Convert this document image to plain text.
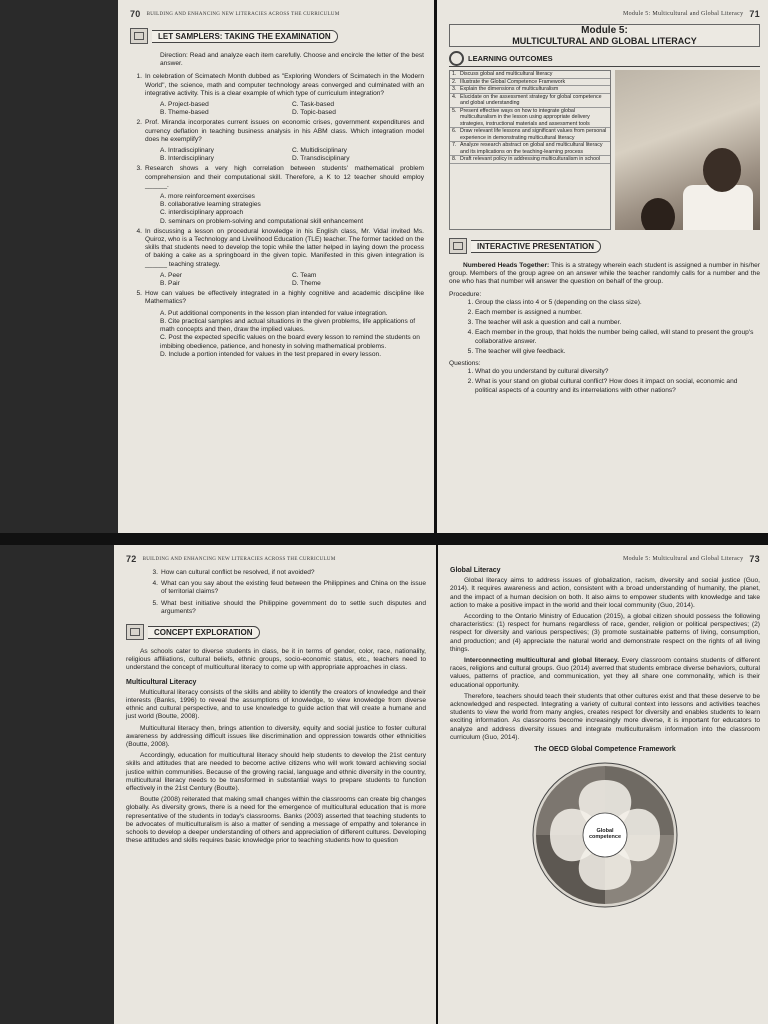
70 BUILDING AND ENHANCING NEW LITERACIES ACROSS THE CURRICULUM
LET SAMPLERS: TAKING THE EXAMINATION

Direction: Read and analyze each item carefully. Choose and encircle the letter of the best answer.

1. In celebration of Scimatech Month dubbed as "Exploring Wonders of Scimatech in the Modern World", the science, math and computer technology areas converged and culminated with an integrative activity. This is a clear example of which type of curriculum integration?
A. Project-based	C. Task-based
B. Theme-based	D. Topic-based
2. Prof. Miranda incorporates current issues on economic crises, government expenditures and currency deflation in teaching business analysis in his ABM class. Which integration model does he exemplify?
A. Intradisciplinary	C. Multidisciplinary
B. Interdisciplinary	D. Transdisciplinary
3. Research shows a very high correlation between students' mathematical problem comprehension and their computational skill. Therefore, a K to 12 teacher should employ ______.
A. more reinforcement exercises
B. collaborative learning strategies
C. interdisciplinary approach
D. seminars on problem-solving and computational skill enhancement
4. In discussing a lesson on procedural knowledge in his English class, Mr. Vidal invited Ms. Quiroz, who is a Technology and Livelihood Education (TLE) teacher. The former tackled on the skills that students need to develop the topic while the latter helped in laying down the process of baking a cake as a springboard in the given topic. Manifested in this given integration is ______ teaching strategy.
A. Peer	C. Team
B. Pair	D. Theme
5. How can values be effectively integrated in a highly cognitive and academic discipline like Mathematics?
A. Put additional components in the lesson plan intended for value integration.
B. Cite practical samples and actual situations in the given problems, life applications of math concepts and then, draw the implied values.
C. Post the expected specific values on the board every lesson to remind the students on imbibing obedience, patience, and honesty in solving mathematical problems.
D. Include a portion intended for values in the test prepared in every lesson.
Module 5: Multicultural and Global Literacy 71
Module 5:
MULTICULTURAL AND GLOBAL LITERACY
LEARNING OUTCOMES
1. Discuss global and multicultural literacy
2. Illustrate the Global Competence Framework
3. Explain the dimensions of multiculturalism
4. Elucidate on the assessment strategy for global competence and global understanding
5. Present effective ways on how to integrate global multiculturalism in the lesson using appropriate delivery strategies, instructional materials and assessment tools
6. Draw relevant life lessons and significant values from personal experience in demonstrating multicultural literacy
7. Analyze research abstract on global and multicultural literacy and its implications on the teaching-learning process
8. Draft relevant policy in addressing multiculturalism in school
INTERACTIVE PRESENTATION

Numbered Heads Together: This is a strategy wherein each student is assigned a number in his/her group. Members of the group agree on an answer while the teacher randomly calls for a number and the one who has that number will answer the question on behalf of the group.

Procedure:
1. Group the class into 4 or 5 (depending on the class size).
2. Each member is assigned a number.
3. The teacher will ask a question and call a number.
4. Each member in the group, that holds the number being called, will stand to present the group's collaborative answer.
5. The teacher will give feedback.
Questions:
1. What do you understand by cultural diversity?
2. What is your stand on global cultural conflict? How does it impact on social, economic and political aspects of a country and its interrelations with other nations?
72 BUILDING AND ENHANCING NEW LITERACIES ACROSS THE CURRICULUM
3. How can cultural conflict be resolved, if not avoided?
4. What can you say about the existing feud between the Philippines and China on the issue of territorial claims?
5. What best initiative should the Philippine government do to settle such disputes and arguments?
CONCEPT EXPLORATION

As schools cater to diverse students in class, be it in terms of gender, color, race, nationality, religious affiliations, cultural beliefs, ethnic groups, socio-economic status, etc., teachers need to understand the concept of multicultural literacy to come up with appropriate approaches in class.

Multicultural Literacy

Multicultural literacy consists of the skills and ability to identify the creators of knowledge and their interests (Banks, 1996) to reveal the assumptions of knowledge, to view knowledge from diverse ethnic and cultural perspective, and to use knowledge to guide action that will create a humane and just world (Boutte, 2008).

Multicultural literacy then, brings attention to diversity, equity and social justice to foster cultural awareness by addressing difficult issues like discrimination and oppression towards other ethnicities (Boutte, 2008).

Accordingly, education for multicultural literacy should help students to develop the 21st century skills and attitudes that are needed to become active citizens who will work toward achieving social justice within communities. Because of the growing racial, language and ethnic diversity in the country, multicultural literacy needs to be transformed in substantial ways to prepare students to function effectively in the 21st Century (Boutte).

Boutte (2008) reiterated that making small changes within the classrooms can create big changes globally. As diversity grows, there is a need for the emergence of multicultural education that is more representative of the students in today's classrooms. Banks (2003) asserted that teaching students to be advocates of multiculturalism is also a matter of sending a message of empathy and tolerance in schools to develop a deeper understanding of others and appreciation of different cultures. Developing these attitudes and skills requires basic knowledge prior to teaching students how to question

Module 5: Multicultural and Global Literacy 73
Global Literacy

Global literacy aims to address issues of globalization, racism, diversity and social justice (Guo, 2014). It requires awareness and action, consistent with a broad understanding of humanity, the planet, and the impact of a human decision on both. It also aims to empower students with knowledge and take action to make a positive impact in the world and their local community (Guo, 2014).

According to the Ontario Ministry of Education (2015), a global citizen should possess the following characteristics: (1) respect for humans regardless of race, gender, religion or political perspectives; (2) respect for diversity and various perspectives; (3) promote sustainable patterns of living, consumption, and production; and (4) appreciate the natural world and demonstrate respect on the rights of all living things.

Interconnecting multicultural and global literacy. Every classroom contains students of different races, religions and cultural groups. Guo (2014) averred that students embrace diverse behaviors, cultural values, patterns of practice, and communication, yet they all share one commonality, which is their educational opportunity.

Therefore, teachers should teach their students that other cultures exist and that these deserve to be acknowledged and respected. Integrating a variety of cultural context into lessons and activities teaches students to view the world from many angles, creates respect for diversity and enables students to learn exciting information. As classrooms become increasingly more diverse, it is important for educators to analyze and address diversity issues and integrate multiculturalism information into the classroom curriculum (Guo, 2014).

The OECD Global Competence Framework
Global competence
